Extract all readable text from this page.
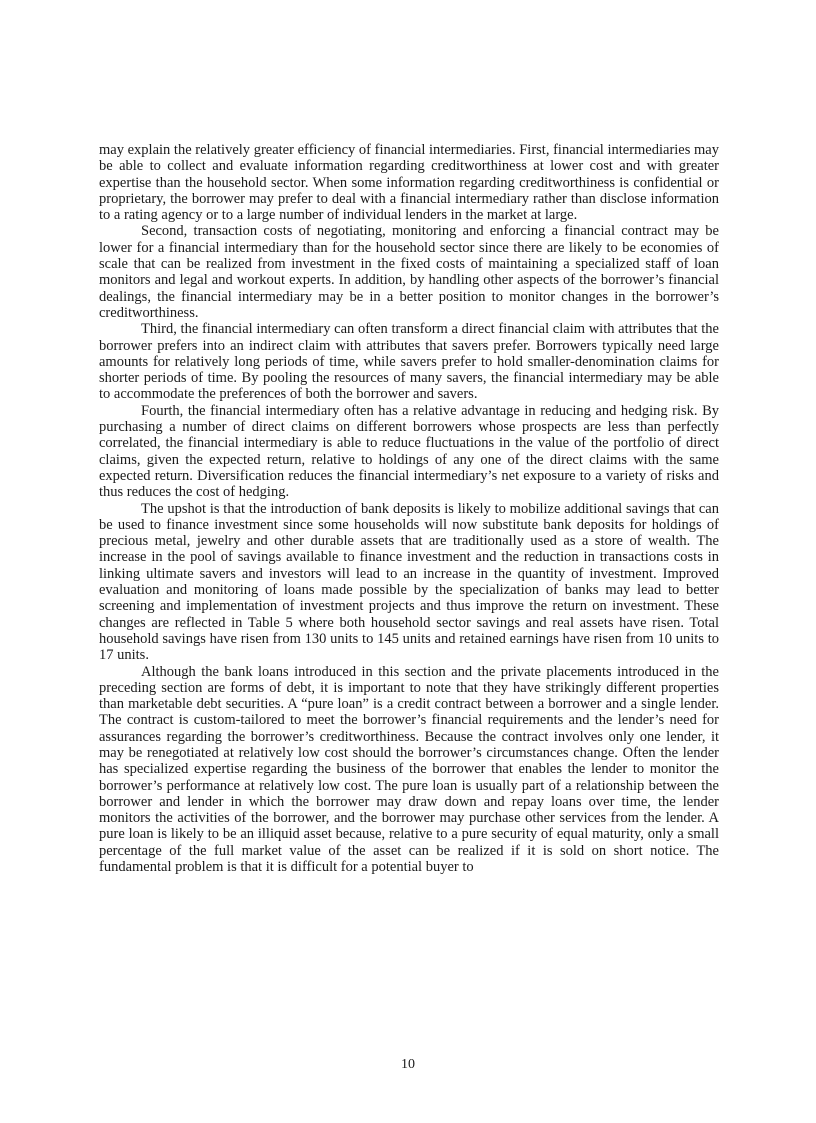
may explain the relatively greater efficiency of financial intermediaries. First, financial intermediaries may be able to collect and evaluate information regarding creditworthiness at lower cost and with greater expertise than the household sector. When some information regarding creditworthiness is confidential or proprietary, the borrower may prefer to deal with a financial intermediary rather than disclose information to a rating agency or to a large number of individual lenders in the market at large.

Second, transaction costs of negotiating, monitoring and enforcing a financial contract may be lower for a financial intermediary than for the household sector since there are likely to be economies of scale that can be realized from investment in the fixed costs of maintaining a specialized staff of loan monitors and legal and workout experts. In addition, by handling other aspects of the borrower’s financial dealings, the financial intermediary may be in a better position to monitor changes in the borrower’s creditworthiness.

Third, the financial intermediary can often transform a direct financial claim with attributes that the borrower prefers into an indirect claim with attributes that savers prefer. Borrowers typically need large amounts for relatively long periods of time, while savers prefer to hold smaller-denomination claims for shorter periods of time. By pooling the resources of many savers, the financial intermediary may be able to accommodate the preferences of both the borrower and savers.

Fourth, the financial intermediary often has a relative advantage in reducing and hedging risk. By purchasing a number of direct claims on different borrowers whose prospects are less than perfectly correlated, the financial intermediary is able to reduce fluctuations in the value of the portfolio of direct claims, given the expected return, relative to holdings of any one of the direct claims with the same expected return. Diversification reduces the financial intermediary’s net exposure to a variety of risks and thus reduces the cost of hedging.

The upshot is that the introduction of bank deposits is likely to mobilize additional savings that can be used to finance investment since some households will now substitute bank deposits for holdings of precious metal, jewelry and other durable assets that are traditionally used as a store of wealth. The increase in the pool of savings available to finance investment and the reduction in transactions costs in linking ultimate savers and investors will lead to an increase in the quantity of investment. Improved evaluation and monitoring of loans made possible by the specialization of banks may lead to better screening and implementation of investment projects and thus improve the return on investment. These changes are reflected in Table 5 where both household sector savings and real assets have risen. Total household savings have risen from 130 units to 145 units and retained earnings have risen from 10 units to 17 units.

Although the bank loans introduced in this section and the private placements introduced in the preceding section are forms of debt, it is important to note that they have strikingly different properties than marketable debt securities. A “pure loan” is a credit contract between a borrower and a single lender. The contract is custom-tailored to meet the borrower’s financial requirements and the lender’s need for assurances regarding the borrower’s creditworthiness. Because the contract involves only one lender, it may be renegotiated at relatively low cost should the borrower’s circumstances change. Often the lender has specialized expertise regarding the business of the borrower that enables the lender to monitor the borrower’s performance at relatively low cost. The pure loan is usually part of a relationship between the borrower and lender in which the borrower may draw down and repay loans over time, the lender monitors the activities of the borrower, and the borrower may purchase other services from the lender. A pure loan is likely to be an illiquid asset because, relative to a pure security of equal maturity, only a small percentage of the full market value of the asset can be realized if it is sold on short notice. The fundamental problem is that it is difficult for a potential buyer to

10
